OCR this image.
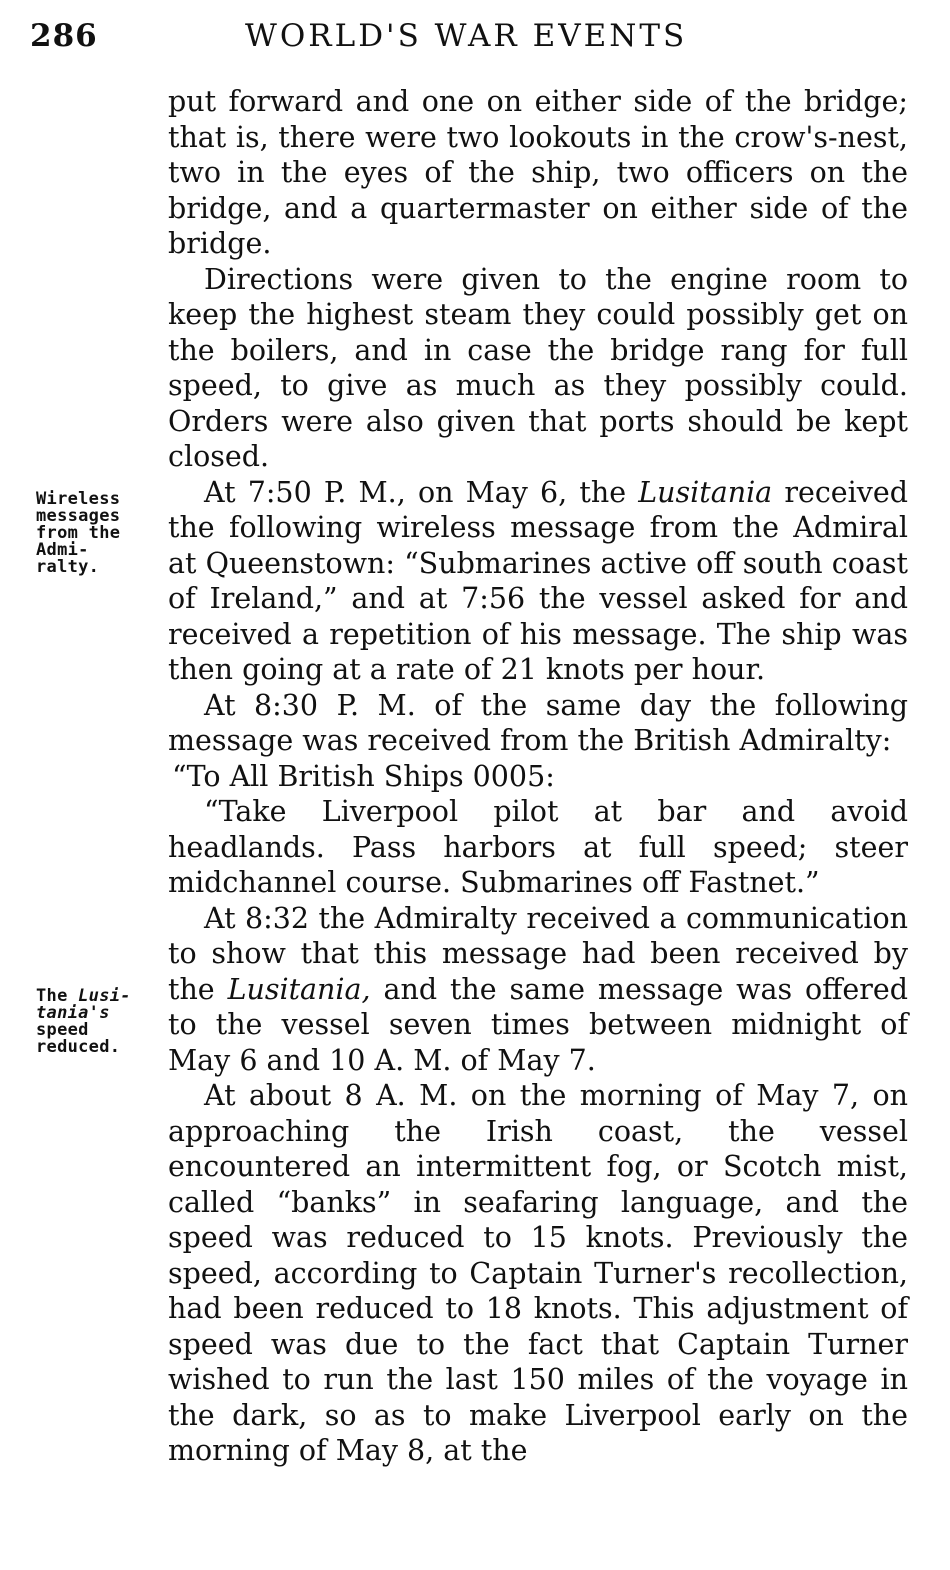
286	WORLD'S WAR EVENTS
Wireless
messages
from the
Admi-
ralty.
The Lusi-
tania's
speed
reduced.

put forward and one on either side of the bridge; that is, there were two lookouts in the crow's-nest, two in the eyes of the ship, two officers on the bridge, and a quartermaster on either side of the bridge.

Directions were given to the engine room to keep the highest steam they could possibly get on the boilers, and in case the bridge rang for full speed, to give as much as they possibly could. Orders were also given that ports should be kept closed.

At 7:50 P. M., on May 6, the Lusitania received the following wireless message from the Admiral at Queenstown: “Submarines active off south coast of Ireland,” and at 7:56 the vessel asked for and received a repetition of his message. The ship was then going at a rate of 21 knots per hour.

At 8:30 P. M. of the same day the following message was received from the British Admiralty:

“To All British Ships 0005:

“Take Liverpool pilot at bar and avoid headlands. Pass harbors at full speed; steer midchannel course. Submarines off Fastnet.”

At 8:32 the Admiralty received a communication to show that this message had been received by the Lusitania, and the same message was offered to the vessel seven times between midnight of May 6 and 10 A. M. of May 7.

At about 8 A. M. on the morning of May 7, on approaching the Irish coast, the vessel encountered an intermittent fog, or Scotch mist, called “banks” in seafaring language, and the speed was reduced to 15 knots. Previously the speed, according to Captain Turner's recollection, had been reduced to 18 knots. This adjustment of speed was due to the fact that Captain Turner wished to run the last 150 miles of the voyage in the dark, so as to make Liverpool early on the morning of May 8, at the
